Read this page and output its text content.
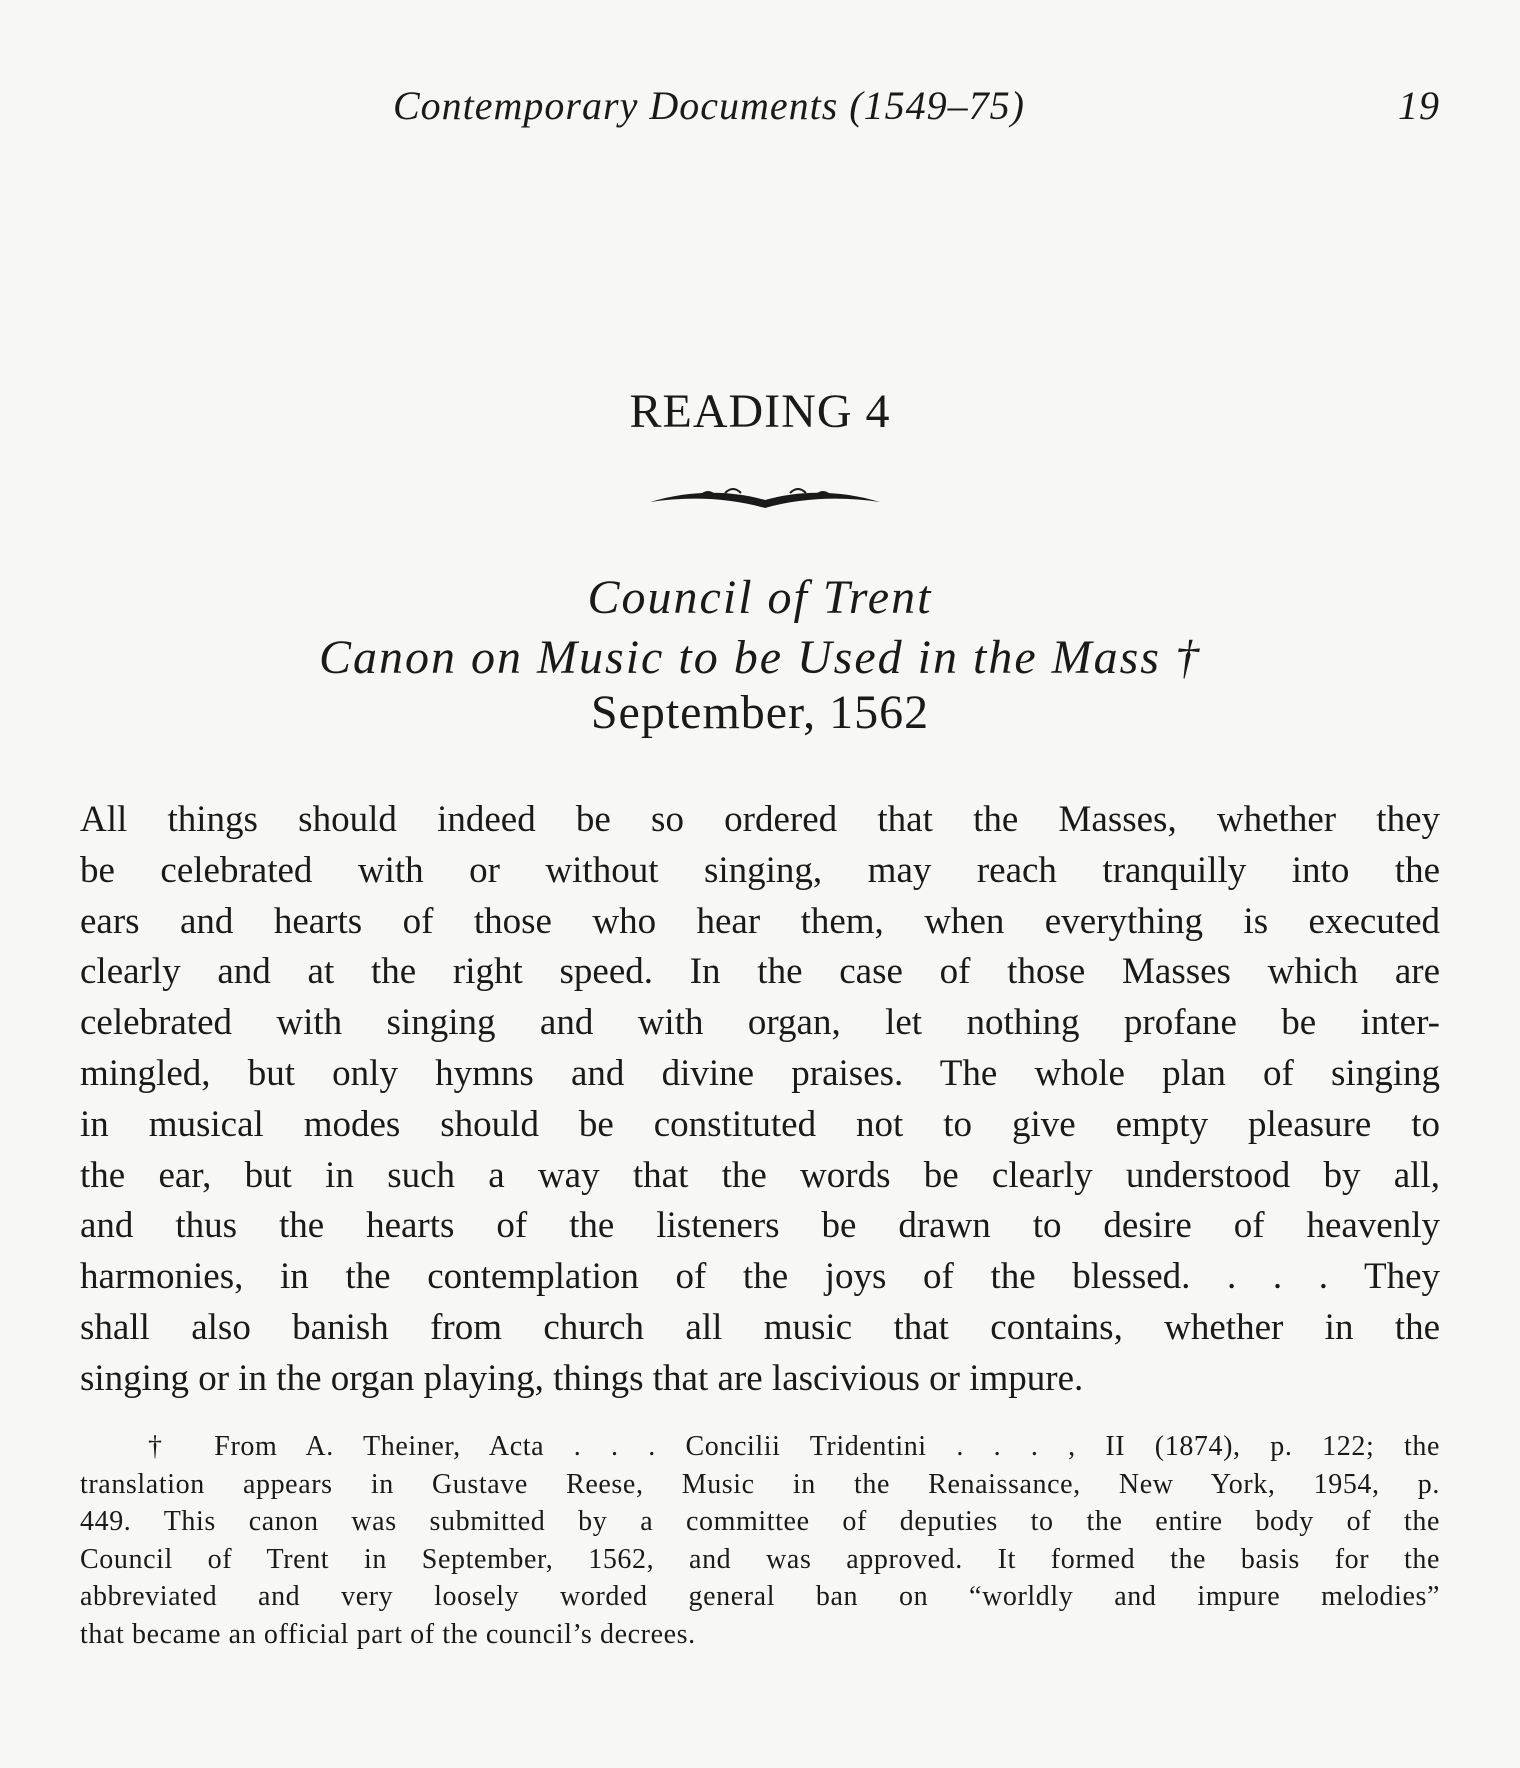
Contemporary Documents (1549–75)	19
READING 4
Council of Trent
Canon on Music to be Used in the Mass †
September, 1562
All things should indeed be so ordered that the Masses, whether they
be celebrated with or without singing, may reach tranquilly into the
ears and hearts of those who hear them, when everything is executed
clearly and at the right speed. In the case of those Masses which are
celebrated with singing and with organ, let nothing profane be inter-
mingled, but only hymns and divine praises. The whole plan of singing
in musical modes should be constituted not to give empty pleasure to
the ear, but in such a way that the words be clearly understood by all,
and thus the hearts of the listeners be drawn to desire of heavenly
harmonies, in the contemplation of the joys of the blessed. . . . They
shall also banish from church all music that contains, whether in the
singing or in the organ playing, things that are lascivious or impure.
† From A. Theiner, Acta . . . Concilii Tridentini . . . , II (1874), p. 122; the
translation appears in Gustave Reese, Music in the Renaissance, New York, 1954, p.
449. This canon was submitted by a committee of deputies to the entire body of the
Council of Trent in September, 1562, and was approved. It formed the basis for the
abbreviated and very loosely worded general ban on “worldly and impure melodies”
that became an official part of the council’s decrees.
